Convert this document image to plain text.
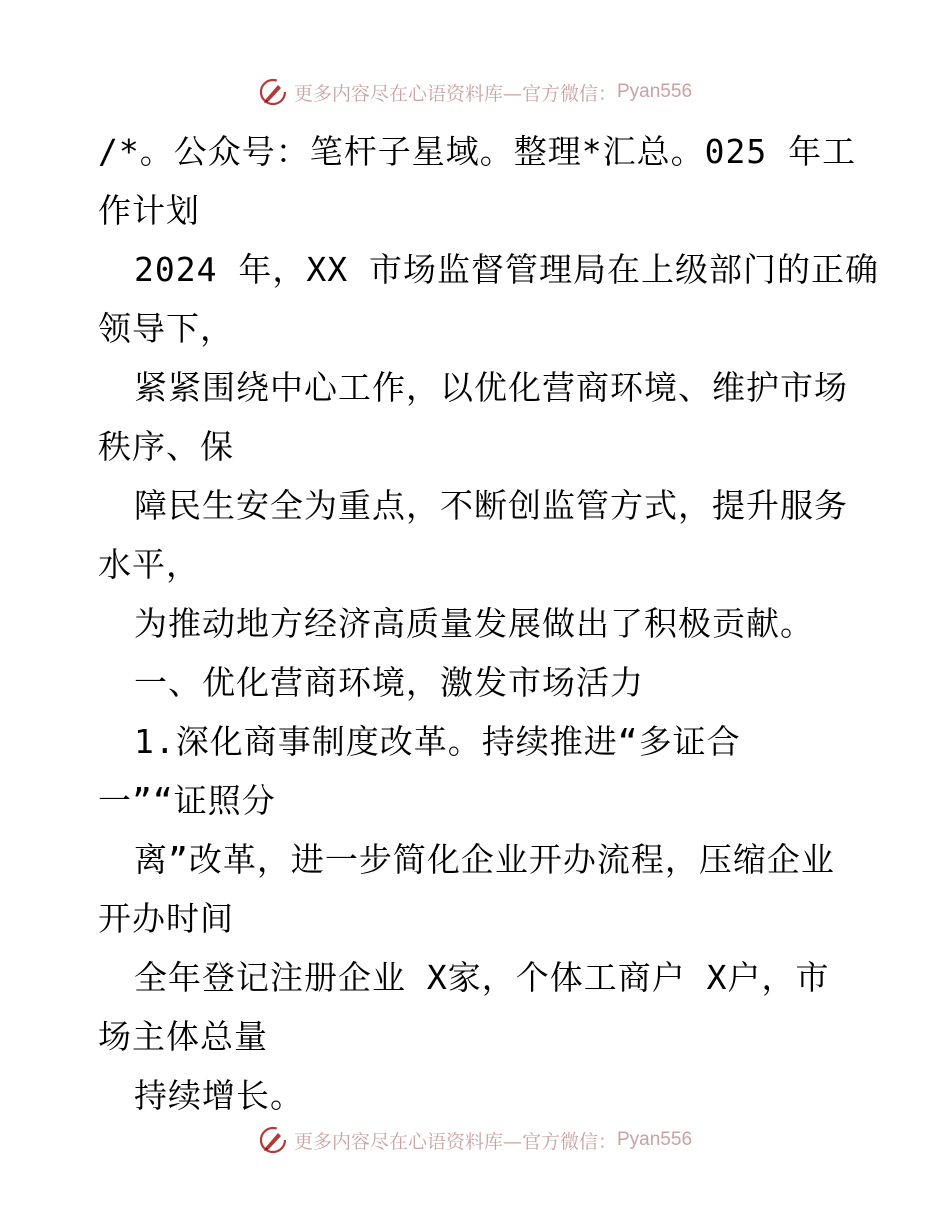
更多内容尽在心语资料库—官方微信： Pyan556
/*。公众号：笔杆子星域。整理*汇总。025 年工
作计划
2024 年，XX 市场监督管理局在上级部门的正确
领导下，
紧紧围绕中心工作，以优化营商环境、维护市场
秩序、保
障民生安全为重点，不断创监管方式，提升服务
水平，
为推动地方经济高质量发展做出了积极贡献。
一、优化营商环境，激发市场活力
1.深化商事制度改革。持续推进“多证合
一”“证照分
离”改革，进一步简化企业开办流程，压缩企业
开办时间
全年登记注册企业 X家，个体工商户 X户，市
场主体总量
持续增长。
更多内容尽在心语资料库—官方微信： Pyan556
